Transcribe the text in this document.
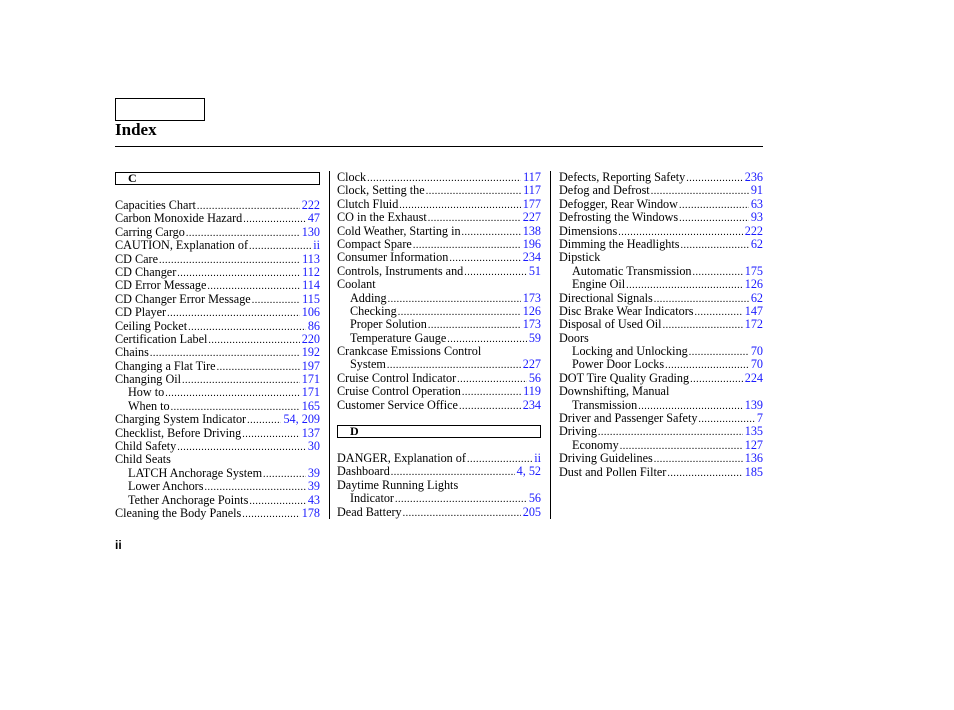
Index
C
Capacities Chart .....	222
Carbon Monoxide Hazard .....	47
Carring Cargo .....	130
CAUTION, Explanation of .....	ii
CD Care .....	113
CD Changer .....	112
CD Error Message .....	114
CD Changer Error Message .....	115
CD Player .....	106
Ceiling Pocket .....	86
Certification Label .....	220
Chains .....	192
Changing a Flat Tire .....	197
Changing Oil .....	171
How to .....	171
When to .....	165
Charging System Indicator .....	54, 209
Checklist, Before Driving .....	137
Child Safety .....	30
Child Seats
LATCH Anchorage System .....	39
Lower Anchors .....	39
Tether Anchorage Points .....	43
Cleaning the Body Panels .....	178
Clock .....	117
Clock, Setting the .....	117
Clutch Fluid .....	177
CO in the Exhaust .....	227
Cold Weather, Starting in .....	138
Compact Spare .....	196
Consumer Information .....	234
Controls, Instruments and .....	51
Coolant
Adding .....	173
Checking .....	126
Proper Solution .....	173
Temperature Gauge .....	59
Crankcase Emissions Control
System .....	227
Cruise Control Indicator .....	56
Cruise Control Operation .....	119
Customer Service Office .....	234
D
DANGER, Explanation of .....	ii
Dashboard .....	4, 52
Daytime Running Lights
Indicator .....	56
Dead Battery .....	205
Defects, Reporting Safety .....	236
Defog and Defrost .....	91
Defogger, Rear Window .....	63
Defrosting the Windows .....	93
Dimensions .....	222
Dimming the Headlights .....	62
Dipstick
Automatic Transmission .....	175
Engine Oil .....	126
Directional Signals .....	62
Disc Brake Wear Indicators .....	147
Disposal of Used Oil .....	172
Doors
Locking and Unlocking .....	70
Power Door Locks .....	70
DOT Tire Quality Grading .....	224
Downshifting, Manual
Transmission .....	139
Driver and Passenger Safety .....	7
Driving .....	135
Economy .....	127
Driving Guidelines .....	136
Dust and Pollen Filter .....	185
ii
